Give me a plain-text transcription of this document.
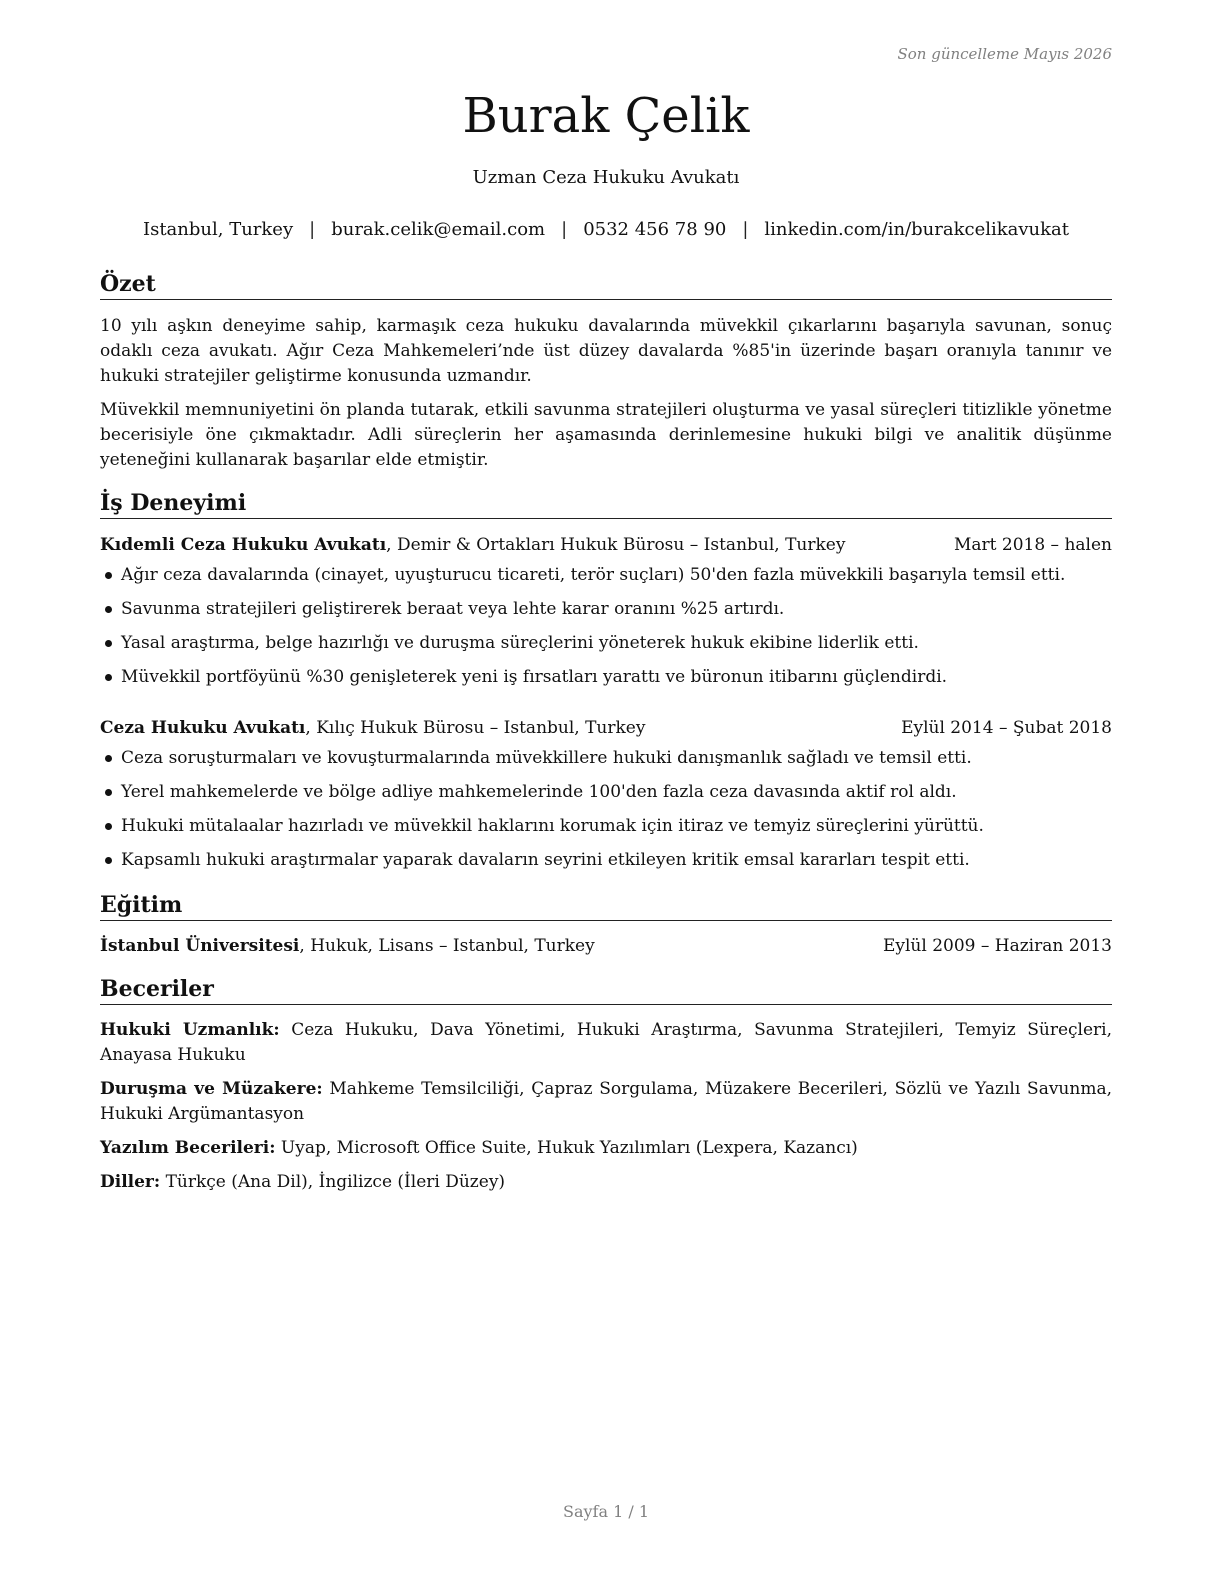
Son güncelleme Mayıs 2026
Burak Çelik
Uzman Ceza Hukuku Avukatı
Istanbul, Turkey | burak.celik@email.com | 0532 456 78 90 | linkedin.com/in/burakcelikavukat
Özet

10 yılı aşkın deneyime sahip, karmaşık ceza hukuku davalarında müvekkil çıkarlarını başarıyla savunan, sonuç odaklı ceza avukatı. Ağır Ceza Mahkemeleri’nde üst düzey davalarda %85'in üzerinde başarı oranıyla tanınır ve hukuki stratejiler geliştirme konusunda uzmandır.

Müvekkil memnuniyetini ön planda tutarak, etkili savunma stratejileri oluşturma ve yasal süreçleri titizlikle yönetme becerisiyle öne çıkmaktadır. Adli süreçlerin her aşamasında derinlemesine hukuki bilgi ve analitik düşünme yeteneğini kullanarak başarılar elde etmiştir.

İş Deneyimi
Kıdemli Ceza Hukuku Avukatı, Demir & Ortakları Hukuk Bürosu – Istanbul, Turkey	Mart 2018 – halen
Ağır ceza davalarında (cinayet, uyuşturucu ticareti, terör suçları) 50'den fazla müvekkili başarıyla temsil etti.
Savunma stratejileri geliştirerek beraat veya lehte karar oranını %25 artırdı.
Yasal araştırma, belge hazırlığı ve duruşma süreçlerini yöneterek hukuk ekibine liderlik etti.
Müvekkil portföyünü %30 genişleterek yeni iş fırsatları yarattı ve büronun itibarını güçlendirdi.
Ceza Hukuku Avukatı, Kılıç Hukuk Bürosu – Istanbul, Turkey	Eylül 2014 – Şubat 2018
Ceza soruşturmaları ve kovuşturmalarında müvekkillere hukuki danışmanlık sağladı ve temsil etti.
Yerel mahkemelerde ve bölge adliye mahkemelerinde 100'den fazla ceza davasında aktif rol aldı.
Hukuki mütalaalar hazırladı ve müvekkil haklarını korumak için itiraz ve temyiz süreçlerini yürüttü.
Kapsamlı hukuki araştırmalar yaparak davaların seyrini etkileyen kritik emsal kararları tespit etti.
Eğitim
İstanbul Üniversitesi, Hukuk, Lisans – Istanbul, Turkey	Eylül 2009 – Haziran 2013
Beceriler

Hukuki Uzmanlık: Ceza Hukuku, Dava Yönetimi, Hukuki Araştırma, Savunma Stratejileri, Temyiz Süreçleri, Anayasa Hukuku

Duruşma ve Müzakere: Mahkeme Temsilciliği, Çapraz Sorgulama, Müzakere Becerileri, Sözlü ve Yazılı Savunma, Hukuki Argümantasyon

Yazılım Becerileri: Uyap, Microsoft Office Suite, Hukuk Yazılımları (Lexpera, Kazancı)

Diller: Türkçe (Ana Dil), İngilizce (İleri Düzey)

Sayfa 1 / 1
